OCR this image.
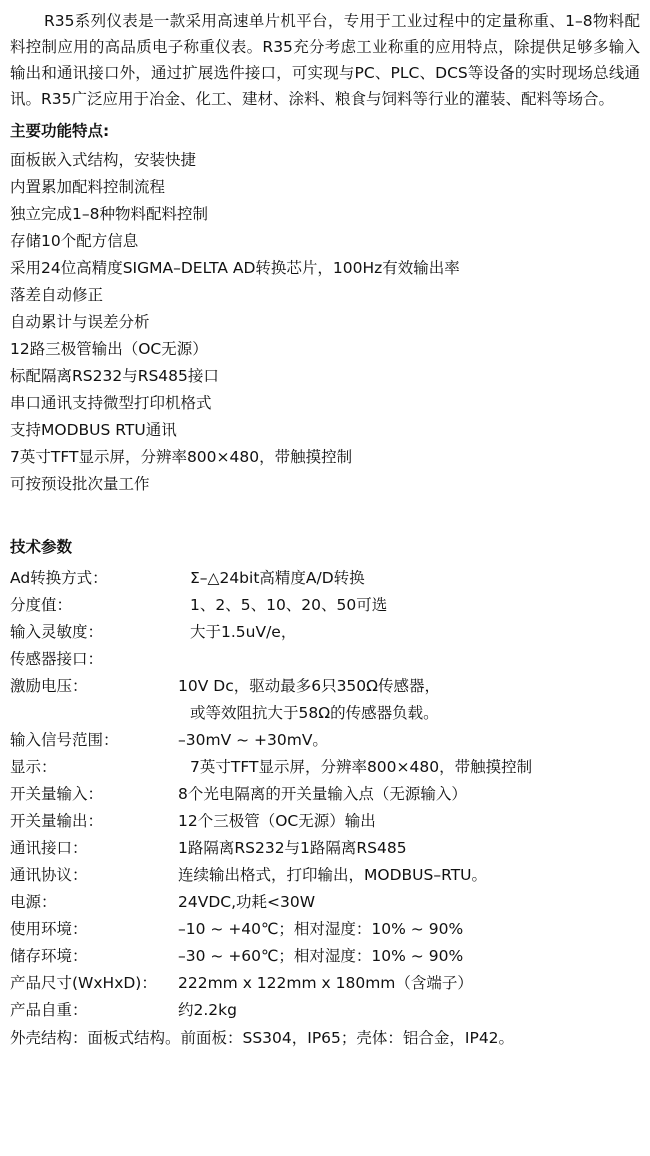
R35系列仪表是一款采用高速单片机平台，专用于工业过程中的定量称重、1–8物料配料控制应用的高品质电子称重仪表。R35充分考虑工业称重的应用特点，除提供足够多输入输出和通讯接口外，通过扩展选件接口，可实现与PC、PLC、DCS等设备的实时现场总线通讯。R35广泛应用于冶金、化工、建材、涂料、粮食与饲料等行业的灌装、配料等场合。

主要功能特点:
面板嵌入式结构，安装快捷
内置累加配料控制流程
独立完成1–8种物料配料控制
存储10个配方信息
采用24位高精度SIGMA–DELTA AD转换芯片，100Hz有效输出率
落差自动修正
自动累计与误差分析
12路三极管输出（OC无源）
标配隔离RS232与RS485接口
串口通讯支持微型打印机格式
支持MODBUS RTU通讯
7英寸TFT显示屏，分辨率800×480，带触摸控制
可按预设批次量工作
技术参数
Ad转换方式：	Σ–△24bit高精度A/D转换
分度值：	1、2、5、10、20、50可选
输入灵敏度：	大于1.5uV/e，
传感器接口：	
激励电压：	10V Dc，驱动最多6只350Ω传感器，
	或等效阻抗大于58Ω的传感器负载。
输入信号范围：	–30mV ~ +30mV。
显示：	7英寸TFT显示屏，分辨率800×480，带触摸控制
开关量输入：	8个光电隔离的开关量输入点（无源输入）
开关量输出：	12个三极管（OC无源）输出
通讯接口：	1路隔离RS232与1路隔离RS485
通讯协议：	连续输出格式，打印输出，MODBUS–RTU。
电源：	24VDC,功耗<30W
使用环境：	–10 ~ +40℃；相对湿度：10% ~ 90%
储存环境：	–30 ~ +60℃；相对湿度：10% ~ 90%
产品尺寸(WxHxD)：	222mm x 122mm x 180mm（含端子）
产品自重：	约2.2kg
外壳结构：面板式结构。前面板：SS304，IP65；壳体：铝合金，IP42。
